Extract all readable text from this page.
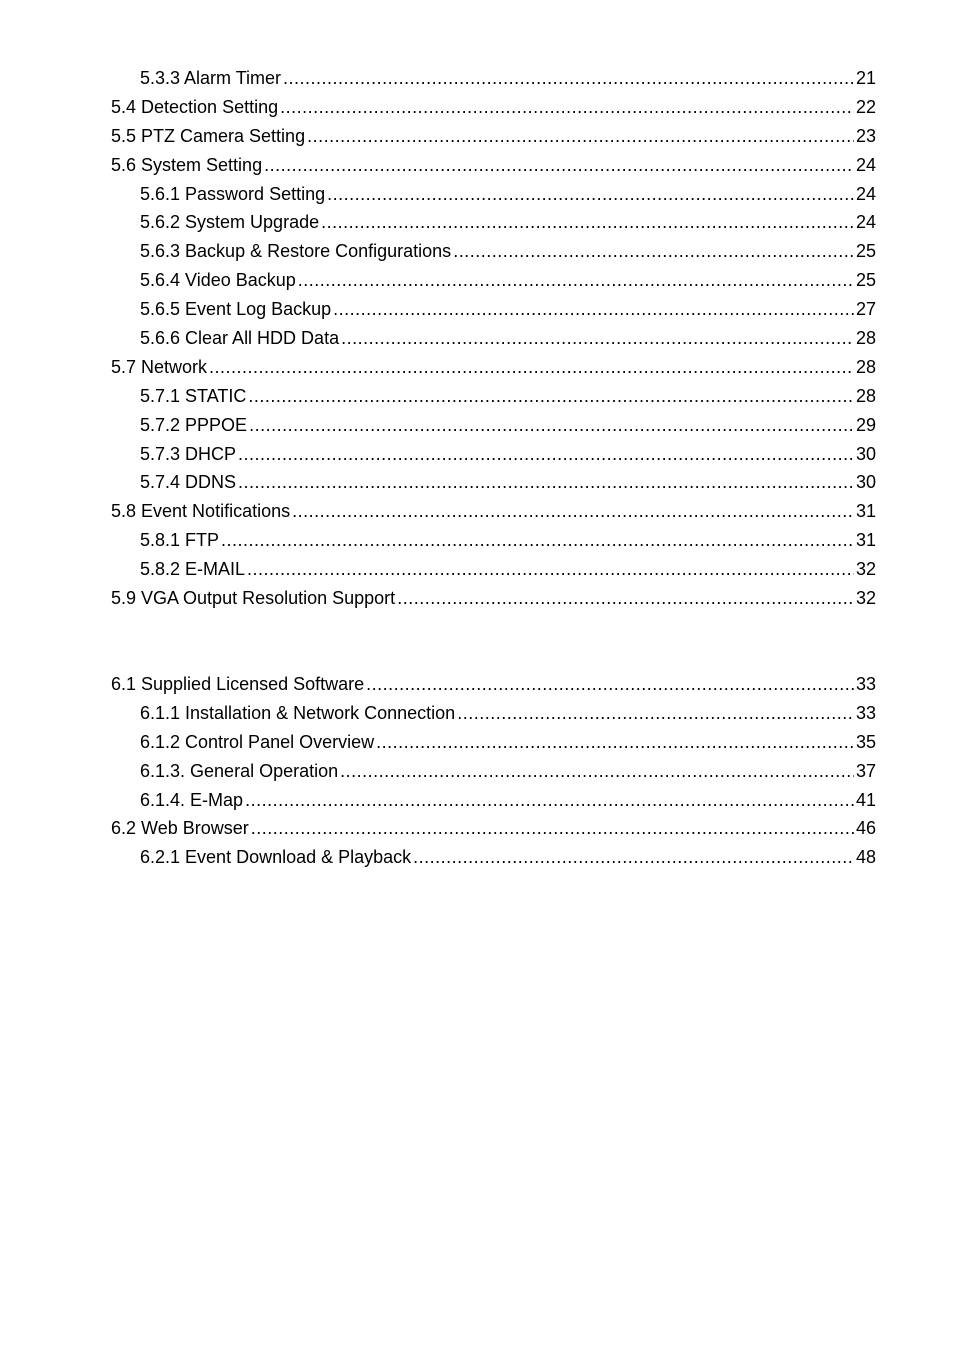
5.3.3 Alarm Timer .....	21
5.4 Detection Setting .....	22
5.5 PTZ Camera Setting .....	23
5.6 System Setting .....	24
5.6.1 Password Setting .....	24
5.6.2 System Upgrade .....	24
5.6.3 Backup & Restore Configurations .....	25
5.6.4 Video Backup .....	25
5.6.5 Event Log Backup .....	27
5.6.6 Clear All HDD Data .....	28
5.7 Network .....	28
5.7.1 STATIC .....	28
5.7.2 PPPOE .....	29
5.7.3 DHCP .....	30
5.7.4 DDNS .....	30
5.8 Event Notifications .....	31
5.8.1 FTP .....	31
5.8.2 E-MAIL .....	32
5.9 VGA Output Resolution Support .....	32
6.1 Supplied Licensed Software .....	33
6.1.1 Installation & Network Connection .....	33
6.1.2 Control Panel Overview .....	35
6.1.3. General Operation .....	37
6.1.4. E-Map .....	41
6.2 Web Browser .....	46
6.2.1 Event Download & Playback .....	48
